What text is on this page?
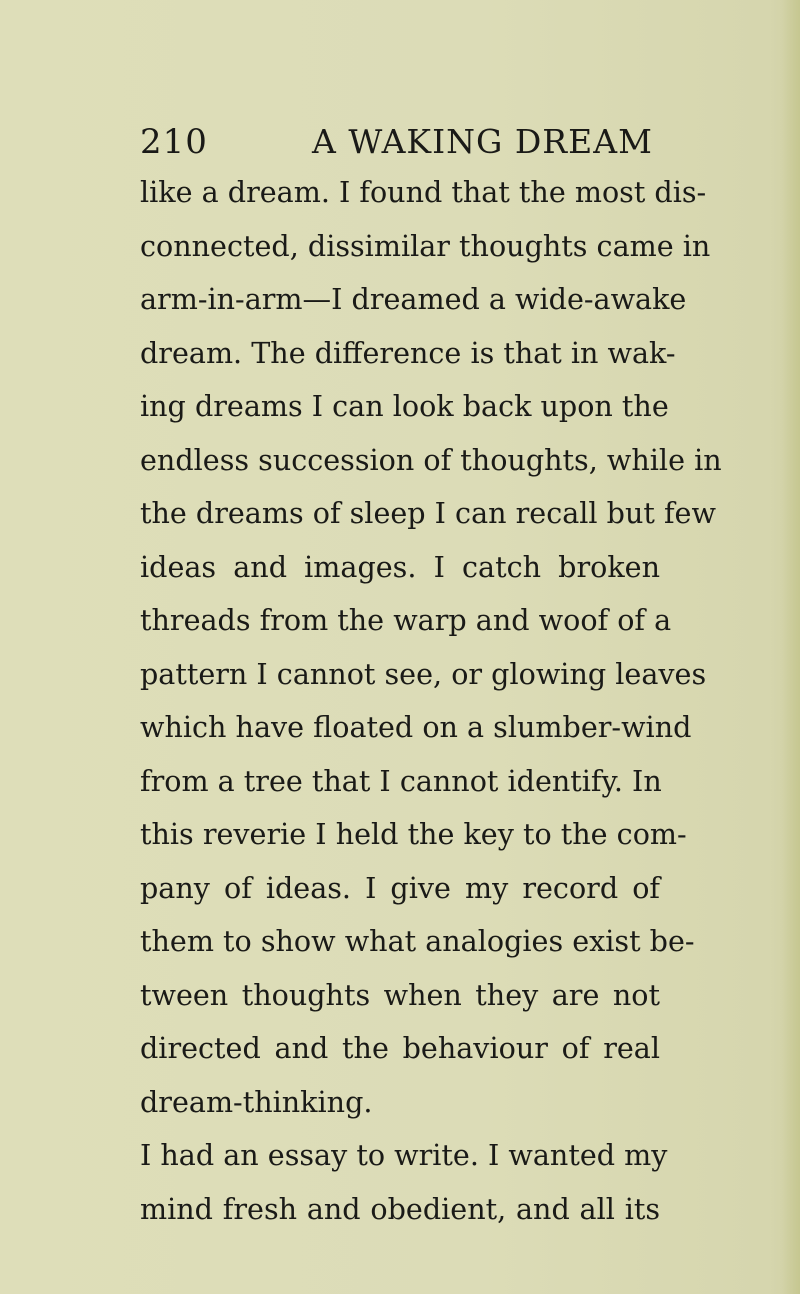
210	A WAKING DREAM
like a dream. I found that the most dis-
connected, dissimilar thoughts came in
arm-in-arm—I dreamed a wide-awake
dream. The difference is that in wak-
ing dreams I can look back upon the
endless succession of thoughts, while in
the dreams of sleep I can recall but few
ideas and images. I catch broken
threads from the warp and woof of a
pattern I cannot see, or glowing leaves
which have floated on a slumber-wind
from a tree that I cannot identify. In
this reverie I held the key to the com-
pany of ideas. I give my record of
them to show what analogies exist be-
tween thoughts when they are not
directed and the behaviour of real
dream-thinking.
I had an essay to write. I wanted my
mind fresh and obedient, and all its
